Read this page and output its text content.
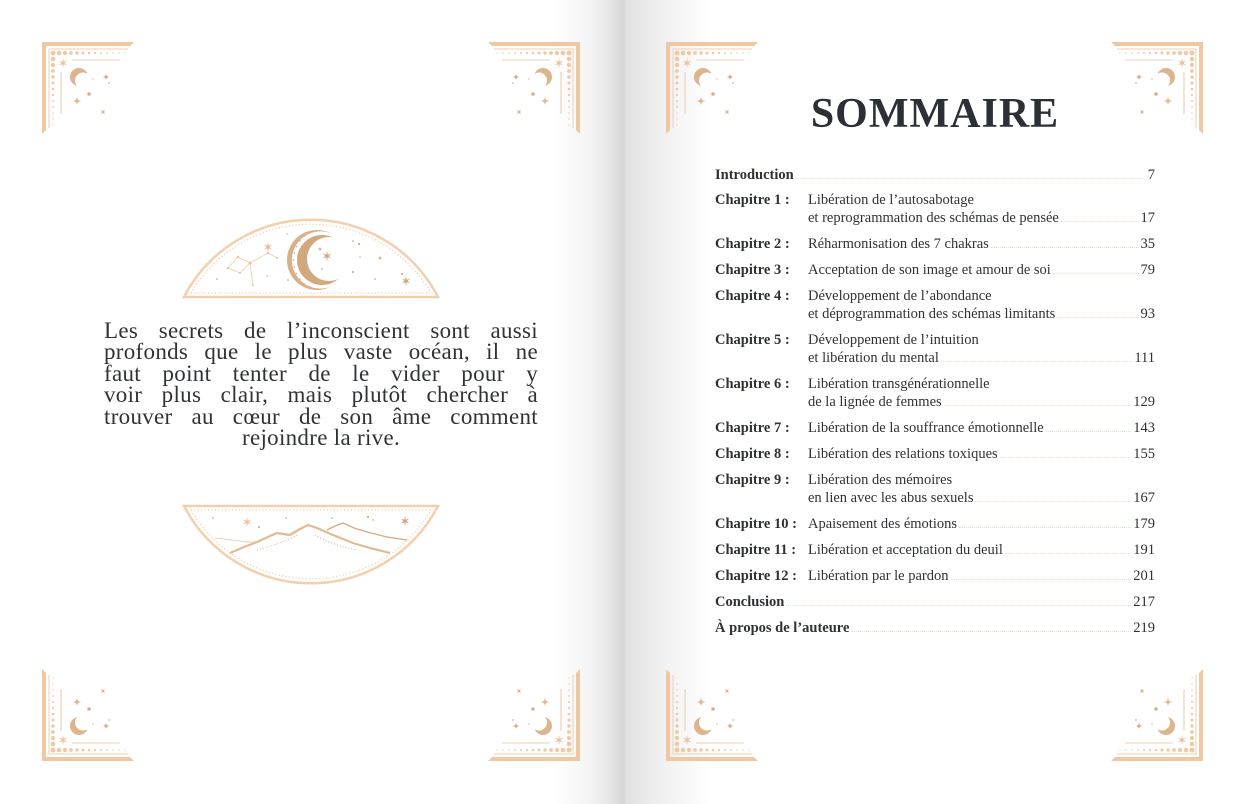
Les secrets de l’inconscient sont aussi
profonds que le plus vaste océan, il ne
faut point tenter de le vider pour y
voir plus clair, mais plutôt chercher à
trouver au cœur de son âme comment
rejoindre la rive.
SOMMAIRE
Introduction	7
Chapitre 1 :	Libération de l’autosabotage
et reprogrammation des schémas de pensée	17
Chapitre 2 :	Réharmonisation des 7 chakras	35
Chapitre 3 :	Acceptation de son image et amour de soi	79
Chapitre 4 :	Développement de l’abondance
et déprogrammation des schémas limitants	93
Chapitre 5 :	Développement de l’intuition
et libération du mental	111
Chapitre 6 :	Libération transgénérationnelle
de la lignée de femmes	129
Chapitre 7 :	Libération de la souffrance émotionnelle	143
Chapitre 8 :	Libération des relations toxiques	155
Chapitre 9 :	Libération des mémoires
en lien avec les abus sexuels	167
Chapitre 10 : Apaisement des émotions	179
Chapitre 11 : Libération et acceptation du deuil	191
Chapitre 12 : Libération par le pardon	201
Conclusion	217
À propos de l’auteure	219
